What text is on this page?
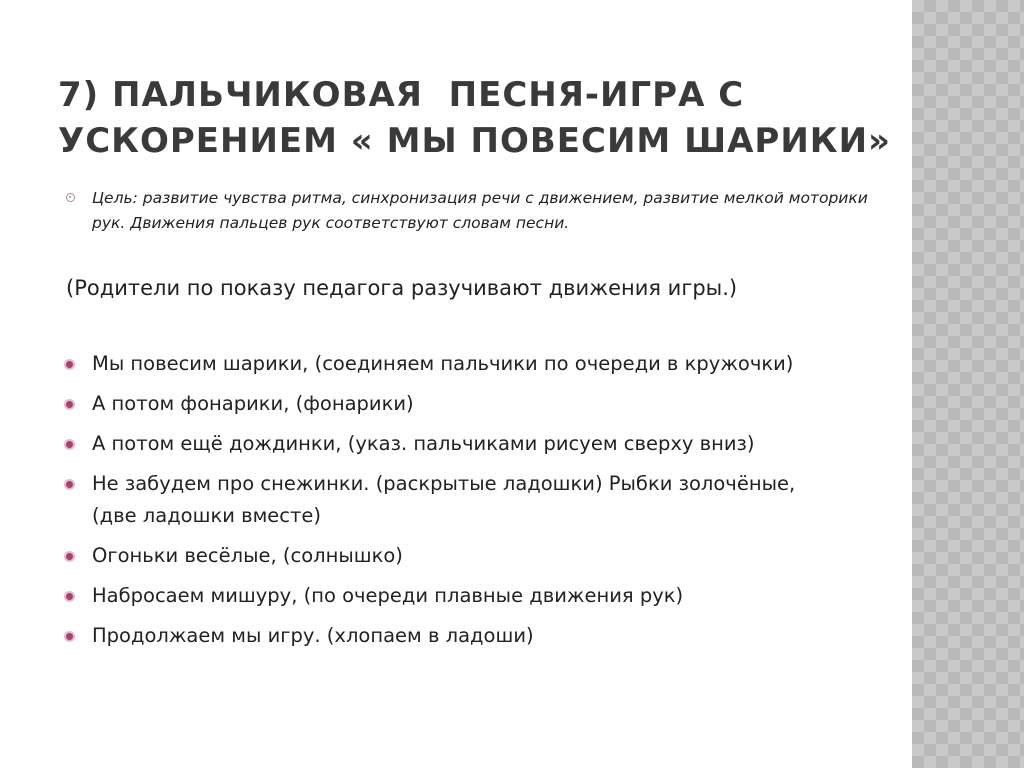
7) ПАЛЬЧИКОВАЯ  ПЕСНЯ-ИГРА С УСКОРЕНИЕМ « МЫ ПОВЕСИМ ШАРИКИ»
Цель: развитие чувства ритма, синхронизация речи с движением, развитие мелкой моторики рук. Движения пальцев рук соответствуют словам песни.
(Родители по показу педагога разучивают движения игры.)
Мы повесим шарики, (соединяем пальчики по очереди в кружочки)
А потом фонарики, (фонарики)
А потом ещё дождинки, (указ. пальчиками рисуем сверху вниз)
Не забудем про снежинки. (раскрытые ладошки) Рыбки золочёные, (две ладошки вместе)
Огоньки весёлые, (солнышко)
Набросаем мишуру, (по очереди плавные движения рук)
Продолжаем мы игру. (хлопаем в ладоши)
